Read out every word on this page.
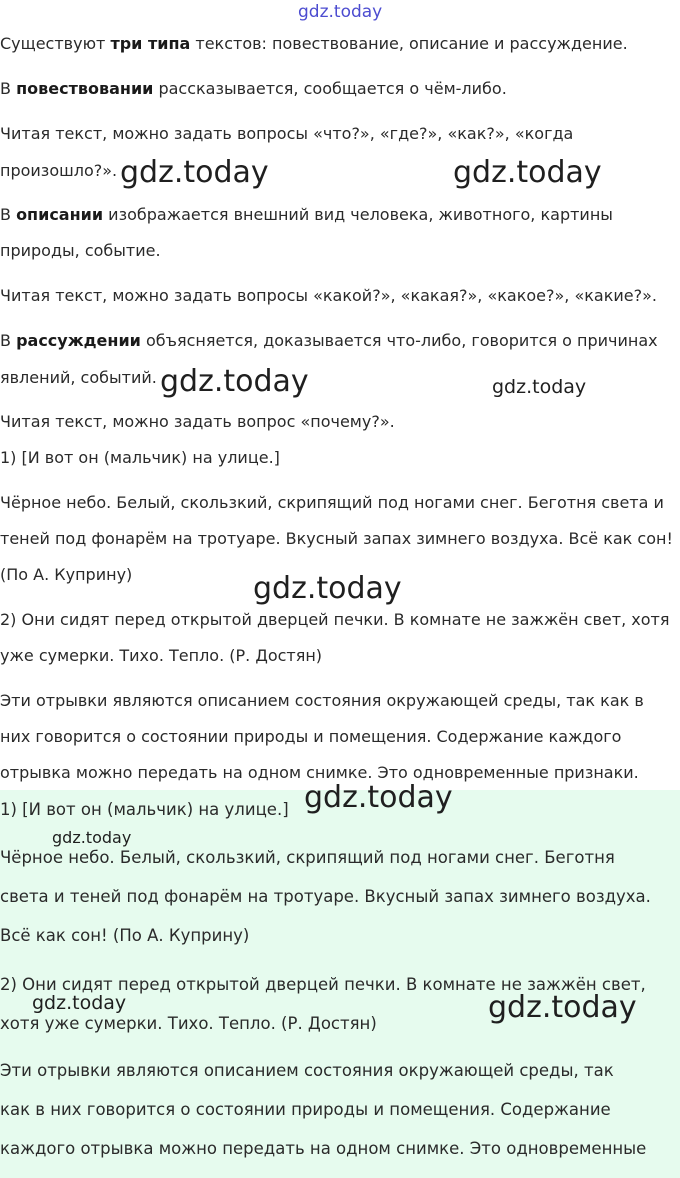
Существуют три типа текстов: повествование, описание и рассуждение.
В повествовании рассказывается, сообщается о чём-либо.
Читая текст, можно задать вопросы «что?», «где?», «как?», «когда
произошло?».
В описании изображается внешний вид человека, животного, картины
природы, событие.
Читая текст, можно задать вопросы «какой?», «какая?», «какое?», «какие?».
В рассуждении объясняется, доказывается что-либо, говорится о причинах
явлений, событий.
Читая текст, можно задать вопрос «почему?».
1) [И вот он (мальчик) на улице.]
Чёрное небо. Белый, скользкий, скрипящий под ногами снег. Беготня света и
теней под фонарём на тротуаре. Вкусный запах зимнего воздуха. Всё как сон!
(По А. Куприну)
2) Они сидят перед открытой дверцей печки. В комнате не зажжён свет, хотя
уже сумерки. Тихо. Тепло. (Р. Достян)
Эти отрывки являются описанием состояния окружающей среды, так как в
них говорится о состоянии природы и помещения. Содержание каждого
отрывка можно передать на одном снимке. Это одновременные признаки.
1) [И вот он (мальчик) на улице.]
Чёрное небо. Белый, скользкий, скрипящий под ногами снег. Беготня
света и теней под фонарём на тротуаре. Вкусный запах зимнего воздуха.
Всё как сон! (По А. Куприну)
2) Они сидят перед открытой дверцей печки. В комнате не зажжён свет,
хотя уже сумерки. Тихо. Тепло. (Р. Достян)
Эти отрывки являются описанием состояния окружающей среды, так
как в них говорится о состоянии природы и помещения. Содержание
каждого отрывка можно передать на одном снимке. Это одновременные
gdz.today
gdz.today	gdz.today
gdz.today	gdz.today
gdz.today
gdz.today
gdz.today
gdz.today	gdz.today
